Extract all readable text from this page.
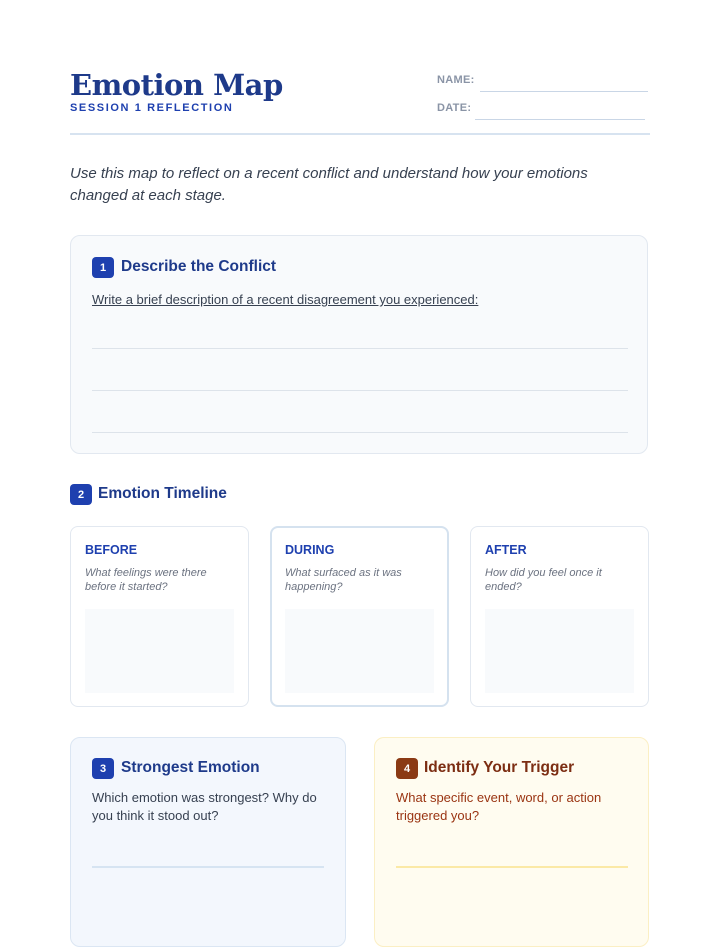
Emotion Map
SESSION 1 REFLECTION
NAME:
DATE:

Use this map to reflect on a recent conflict and understand how your emotions changed at each stage.

1 Describe the Conflict
Write a brief description of a recent disagreement you experienced:
2 Emotion Timeline
BEFORE
What feelings were there before it started?
DURING
What surfaced as it was happening?
AFTER
How did you feel once it ended?
3 Strongest Emotion
Which emotion was strongest? Why do you think it stood out?
4 Identify Your Trigger
What specific event, word, or action triggered you?
